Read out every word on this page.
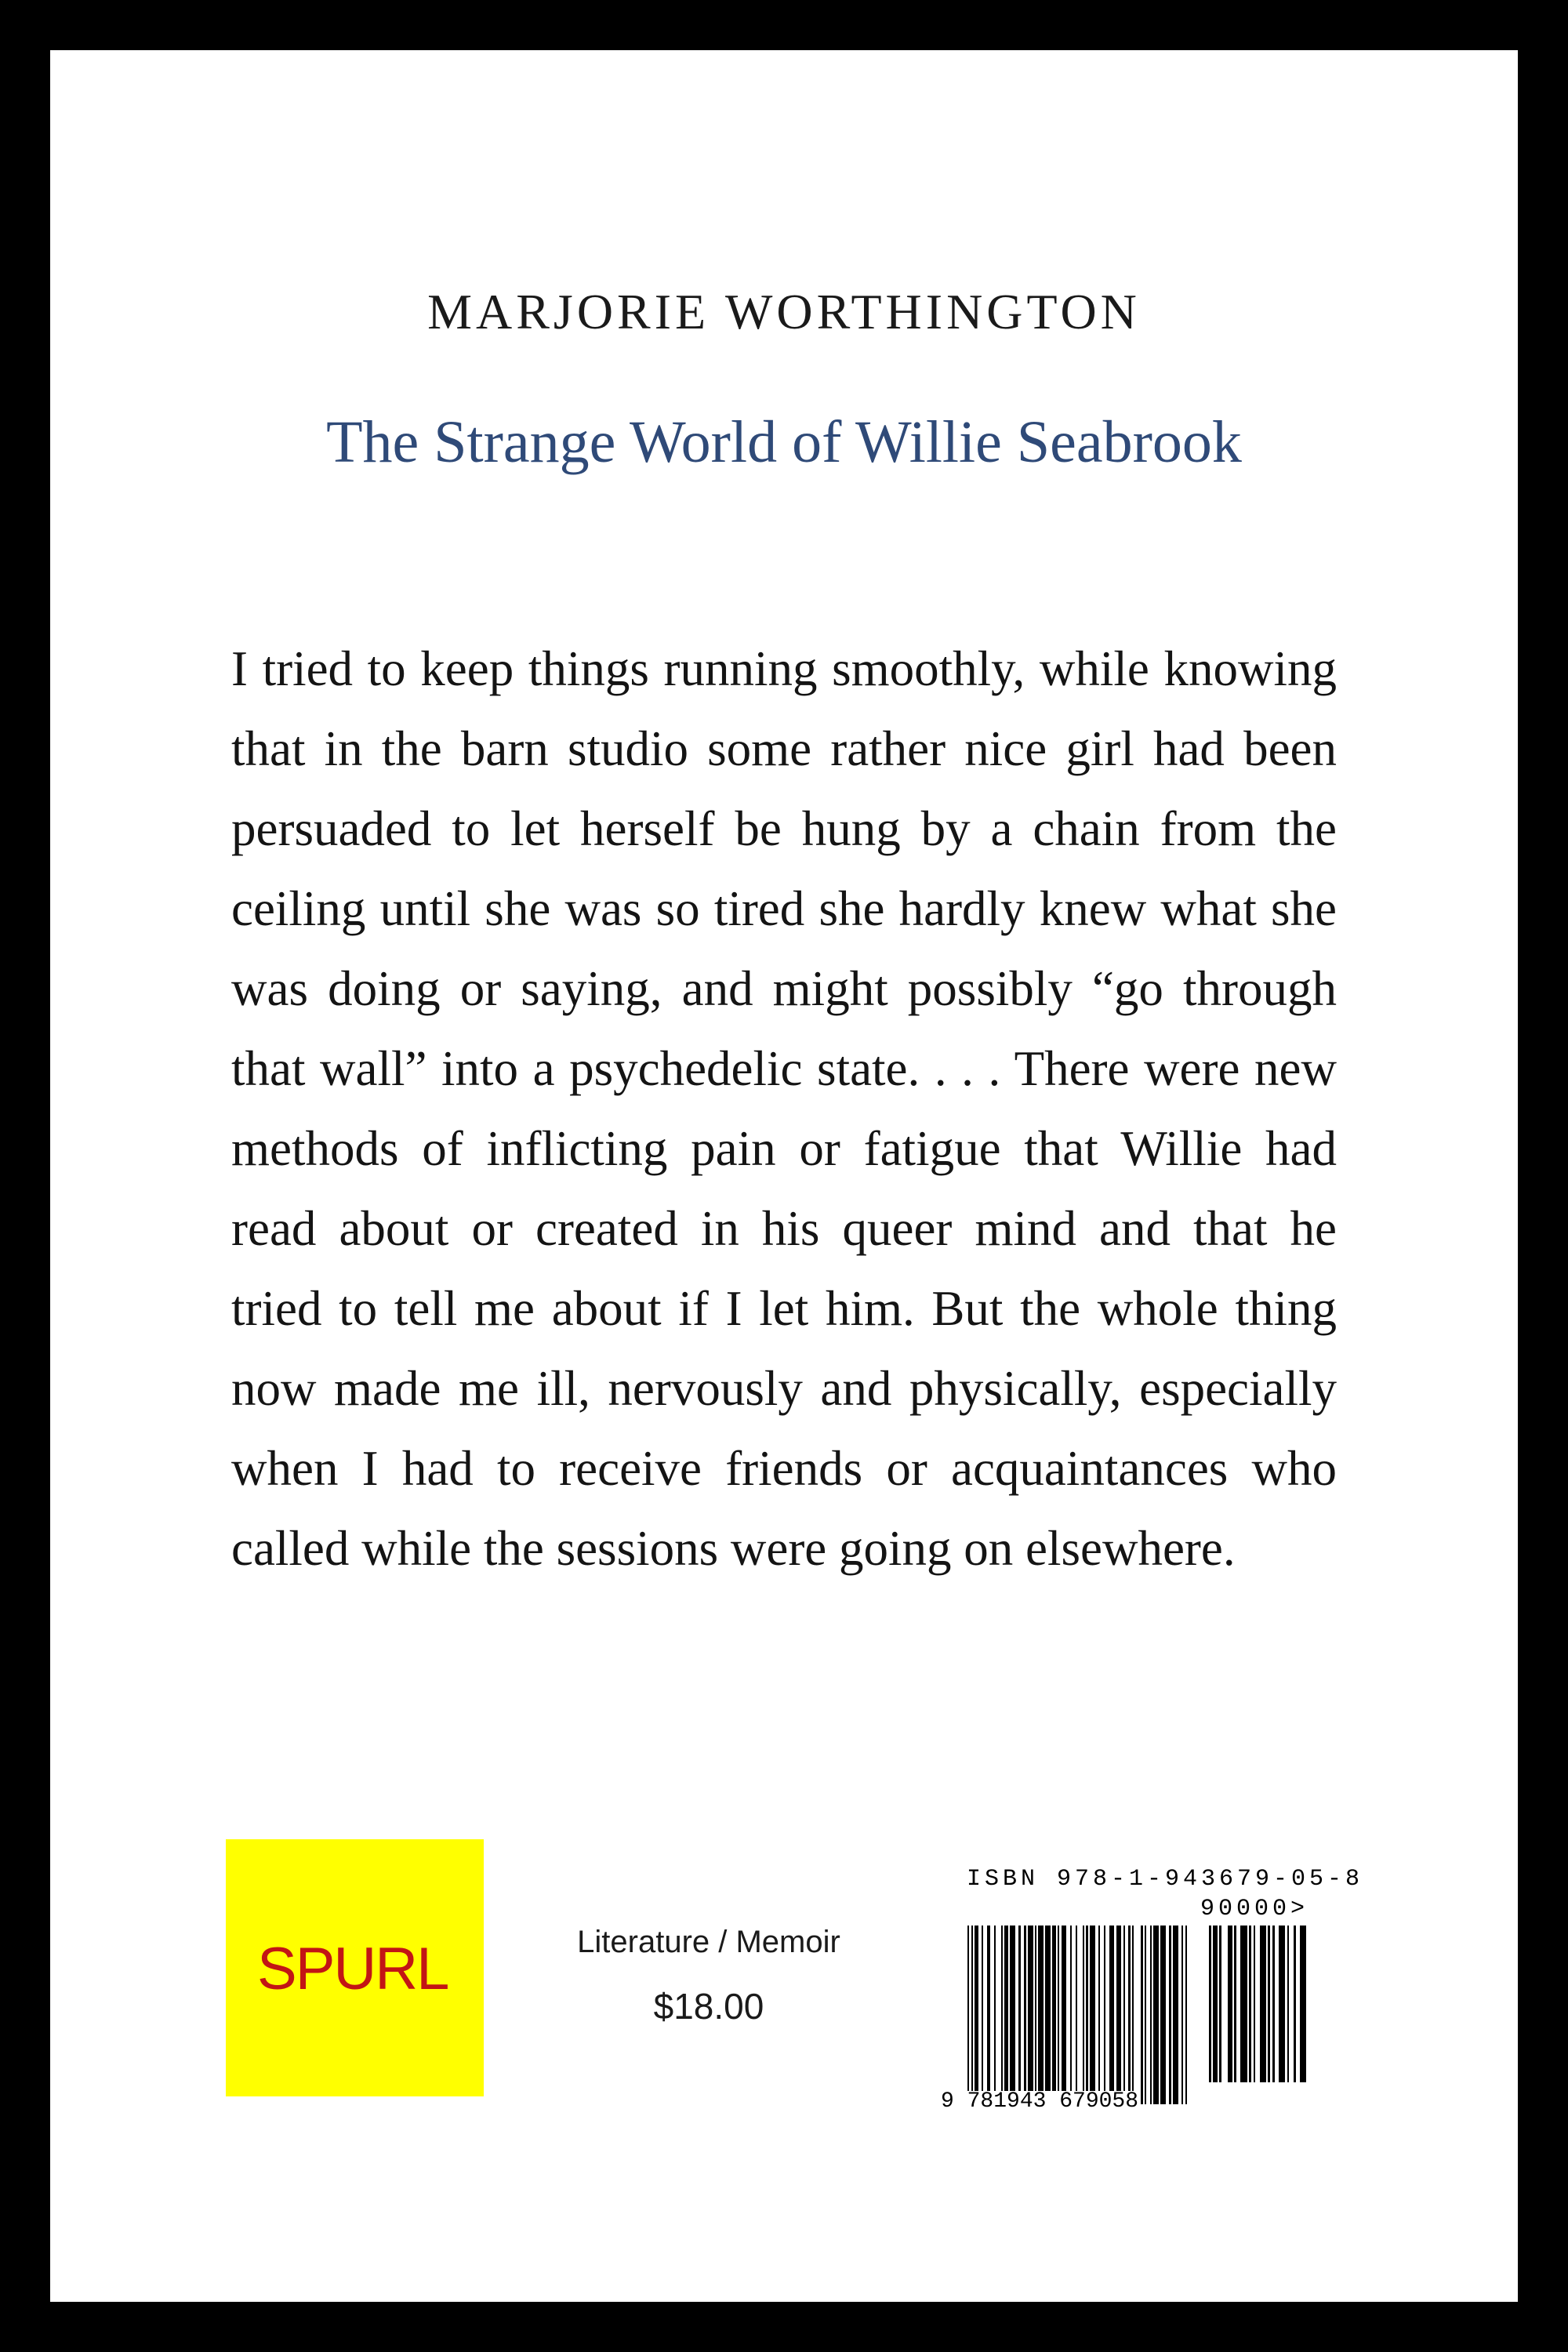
MARJORIE WORTHINGTON
The Strange World of Willie Seabrook
I tried to keep things running smoothly, while knowing
that in the barn studio some rather nice girl had been
persuaded to let herself be hung by a chain from the
ceiling until she was so tired she hardly knew what she
was doing or saying, and might possibly “go through
that wall” into a psychedelic state. . . . There were new
methods of inflicting pain or fatigue that Willie had
read about or created in his queer mind and that he
tried to tell me about if I let him. But the whole thing
now made me ill, nervously and physically, especially
when I had to receive friends or acquaintances who
called while the sessions were going on elsewhere.
SPURL	Literature / Memoir
$18.00
ISBN 978-1-943679-05-8
90000>
9 781943 679058
